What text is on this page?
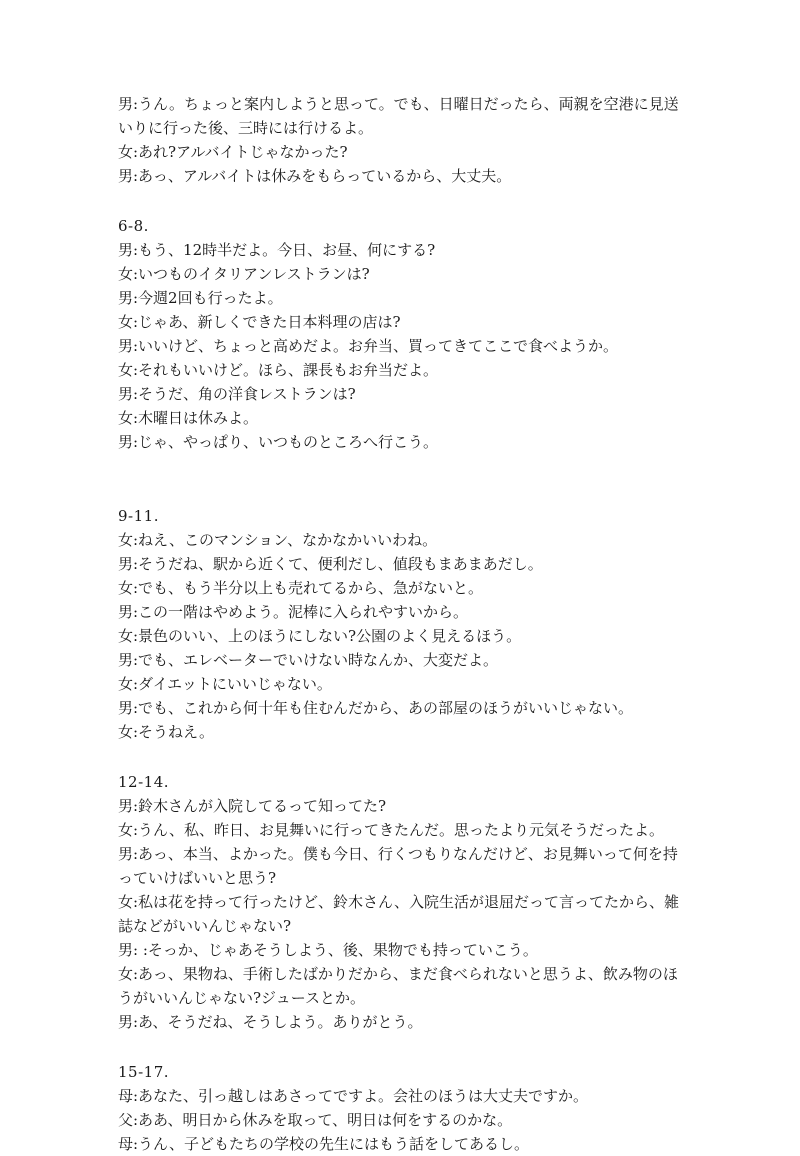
男:うん。ちょっと案内しようと思って。でも、日曜日だったら、両親を空港に見送

いりに行った後、三時には行けるよ。

女:あれ?アルバイトじゃなかった?

男:あっ、アルバイトは休みをもらっているから、大丈夫。

6-8.

男:もう、12時半だよ。今日、お昼、何にする?

女:いつものイタリアンレストランは?

男:今週2回も行ったよ。

女:じゃあ、新しくできた日本料理の店は?

男:いいけど、ちょっと高めだよ。お弁当、買ってきてここで食べようか。

女:それもいいけど。ほら、課長もお弁当だよ。

男:そうだ、角の洋食レストランは?

女:木曜日は休みよ。

男:じゃ、やっぱり、いつものところへ行こう。

9-11.

女:ねえ、このマンション、なかなかいいわね。

男:そうだね、駅から近くて、便利だし、値段もまあまあだし。

女:でも、もう半分以上も売れてるから、急がないと。

男:この一階はやめよう。泥棒に入られやすいから。

女:景色のいい、上のほうにしない?公園のよく見えるほう。

男:でも、エレベーターでいけない時なんか、大変だよ。

女:ダイエットにいいじゃない。

男:でも、これから何十年も住むんだから、あの部屋のほうがいいじゃない。

女:そうねえ。

12-14.

男:鈴木さんが入院してるって知ってた?

女:うん、私、昨日、お見舞いに行ってきたんだ。思ったより元気そうだったよ。

男:あっ、本当、よかった。僕も今日、行くつもりなんだけど、お見舞いって何を持

っていけばいいと思う?

女:私は花を持って行ったけど、鈴木さん、入院生活が退屈だって言ってたから、雑

誌などがいいんじゃない?

男: :そっか、じゃあそうしよう、後、果物でも持っていこう。

女:あっ、果物ね、手術したばかりだから、まだ食べられないと思うよ、飲み物のほ

うがいいんじゃない?ジュースとか。

男:あ、そうだね、そうしよう。ありがとう。

15-17.

母:あなた、引っ越しはあさってですよ。会社のほうは大丈夫ですか。

父:ああ、明日から休みを取って、明日は何をするのかな。

母:うん、子どもたちの学校の先生にはもう話をしてあるし。
